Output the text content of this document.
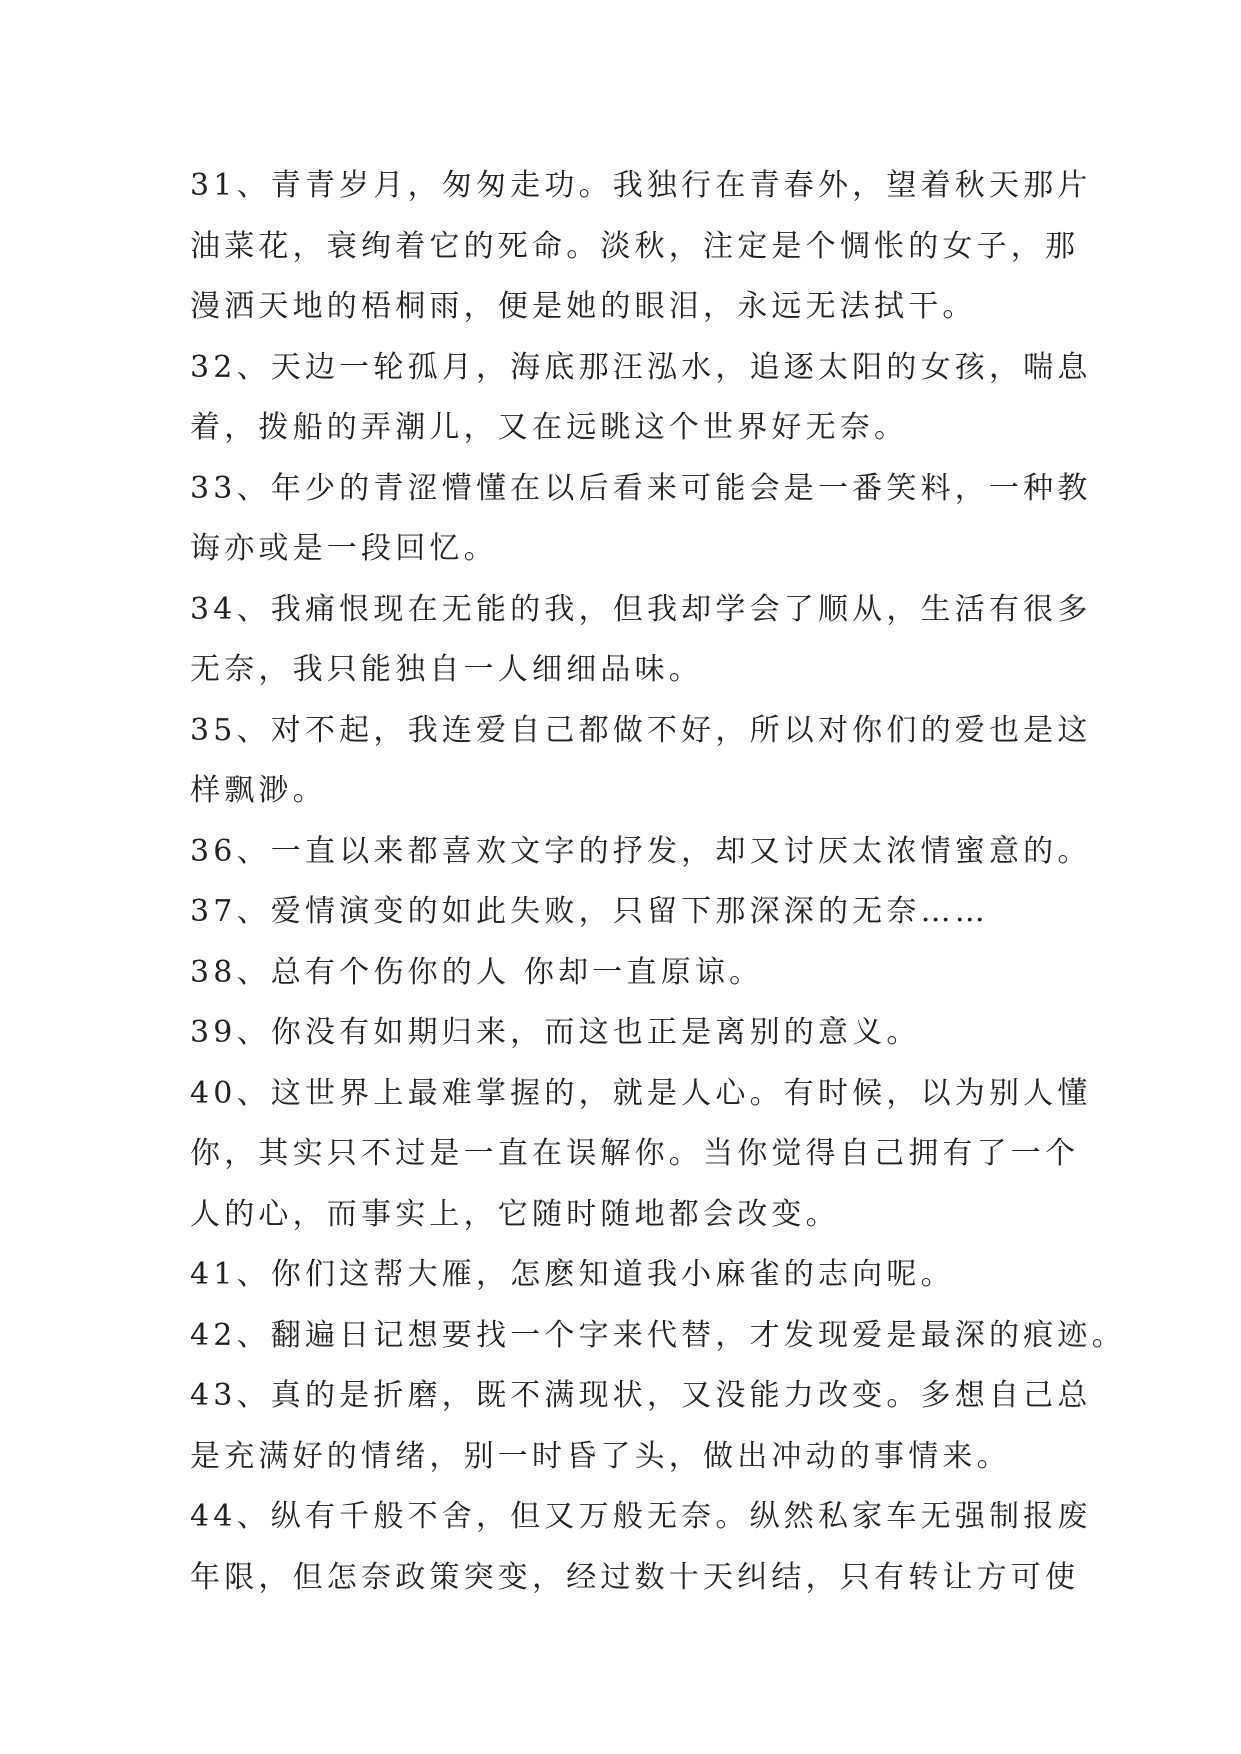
31、青青岁月，匆匆走功。我独行在青春外，望着秋天那片
油菜花，衰绚着它的死命。淡秋，注定是个惆怅的女子，那
漫洒天地的梧桐雨，便是她的眼泪，永远无法拭干。
32、天边一轮孤月，海底那汪泓水，追逐太阳的女孩，喘息
着，拨船的弄潮儿，又在远眺这个世界好无奈。
33、年少的青涩懵懂在以后看来可能会是一番笑料，一种教
诲亦或是一段回忆。
34、我痛恨现在无能的我，但我却学会了顺从，生活有很多
无奈，我只能独自一人细细品味。
35、对不起，我连爱自己都做不好，所以对你们的爱也是这
样飘渺。
36、一直以来都喜欢文字的抒发，却又讨厌太浓情蜜意的。
37、爱情演变的如此失败，只留下那深深的无奈……
38、总有个伤你的人 你却一直原谅。
39、你没有如期归来，而这也正是离别的意义。
40、这世界上最难掌握的，就是人心。有时候，以为别人懂
你，其实只不过是一直在误解你。当你觉得自己拥有了一个
人的心，而事实上，它随时随地都会改变。
41、你们这帮大雁，怎麽知道我小麻雀的志向呢。
42、翻遍日记想要找一个字来代替，才发现爱是最深的痕迹。
43、真的是折磨，既不满现状，又没能力改变。多想自己总
是充满好的情绪，别一时昏了头，做出冲动的事情来。
44、纵有千般不舍，但又万般无奈。纵然私家车无强制报废
年限，但怎奈政策突变，经过数十天纠结，只有转让方可使
